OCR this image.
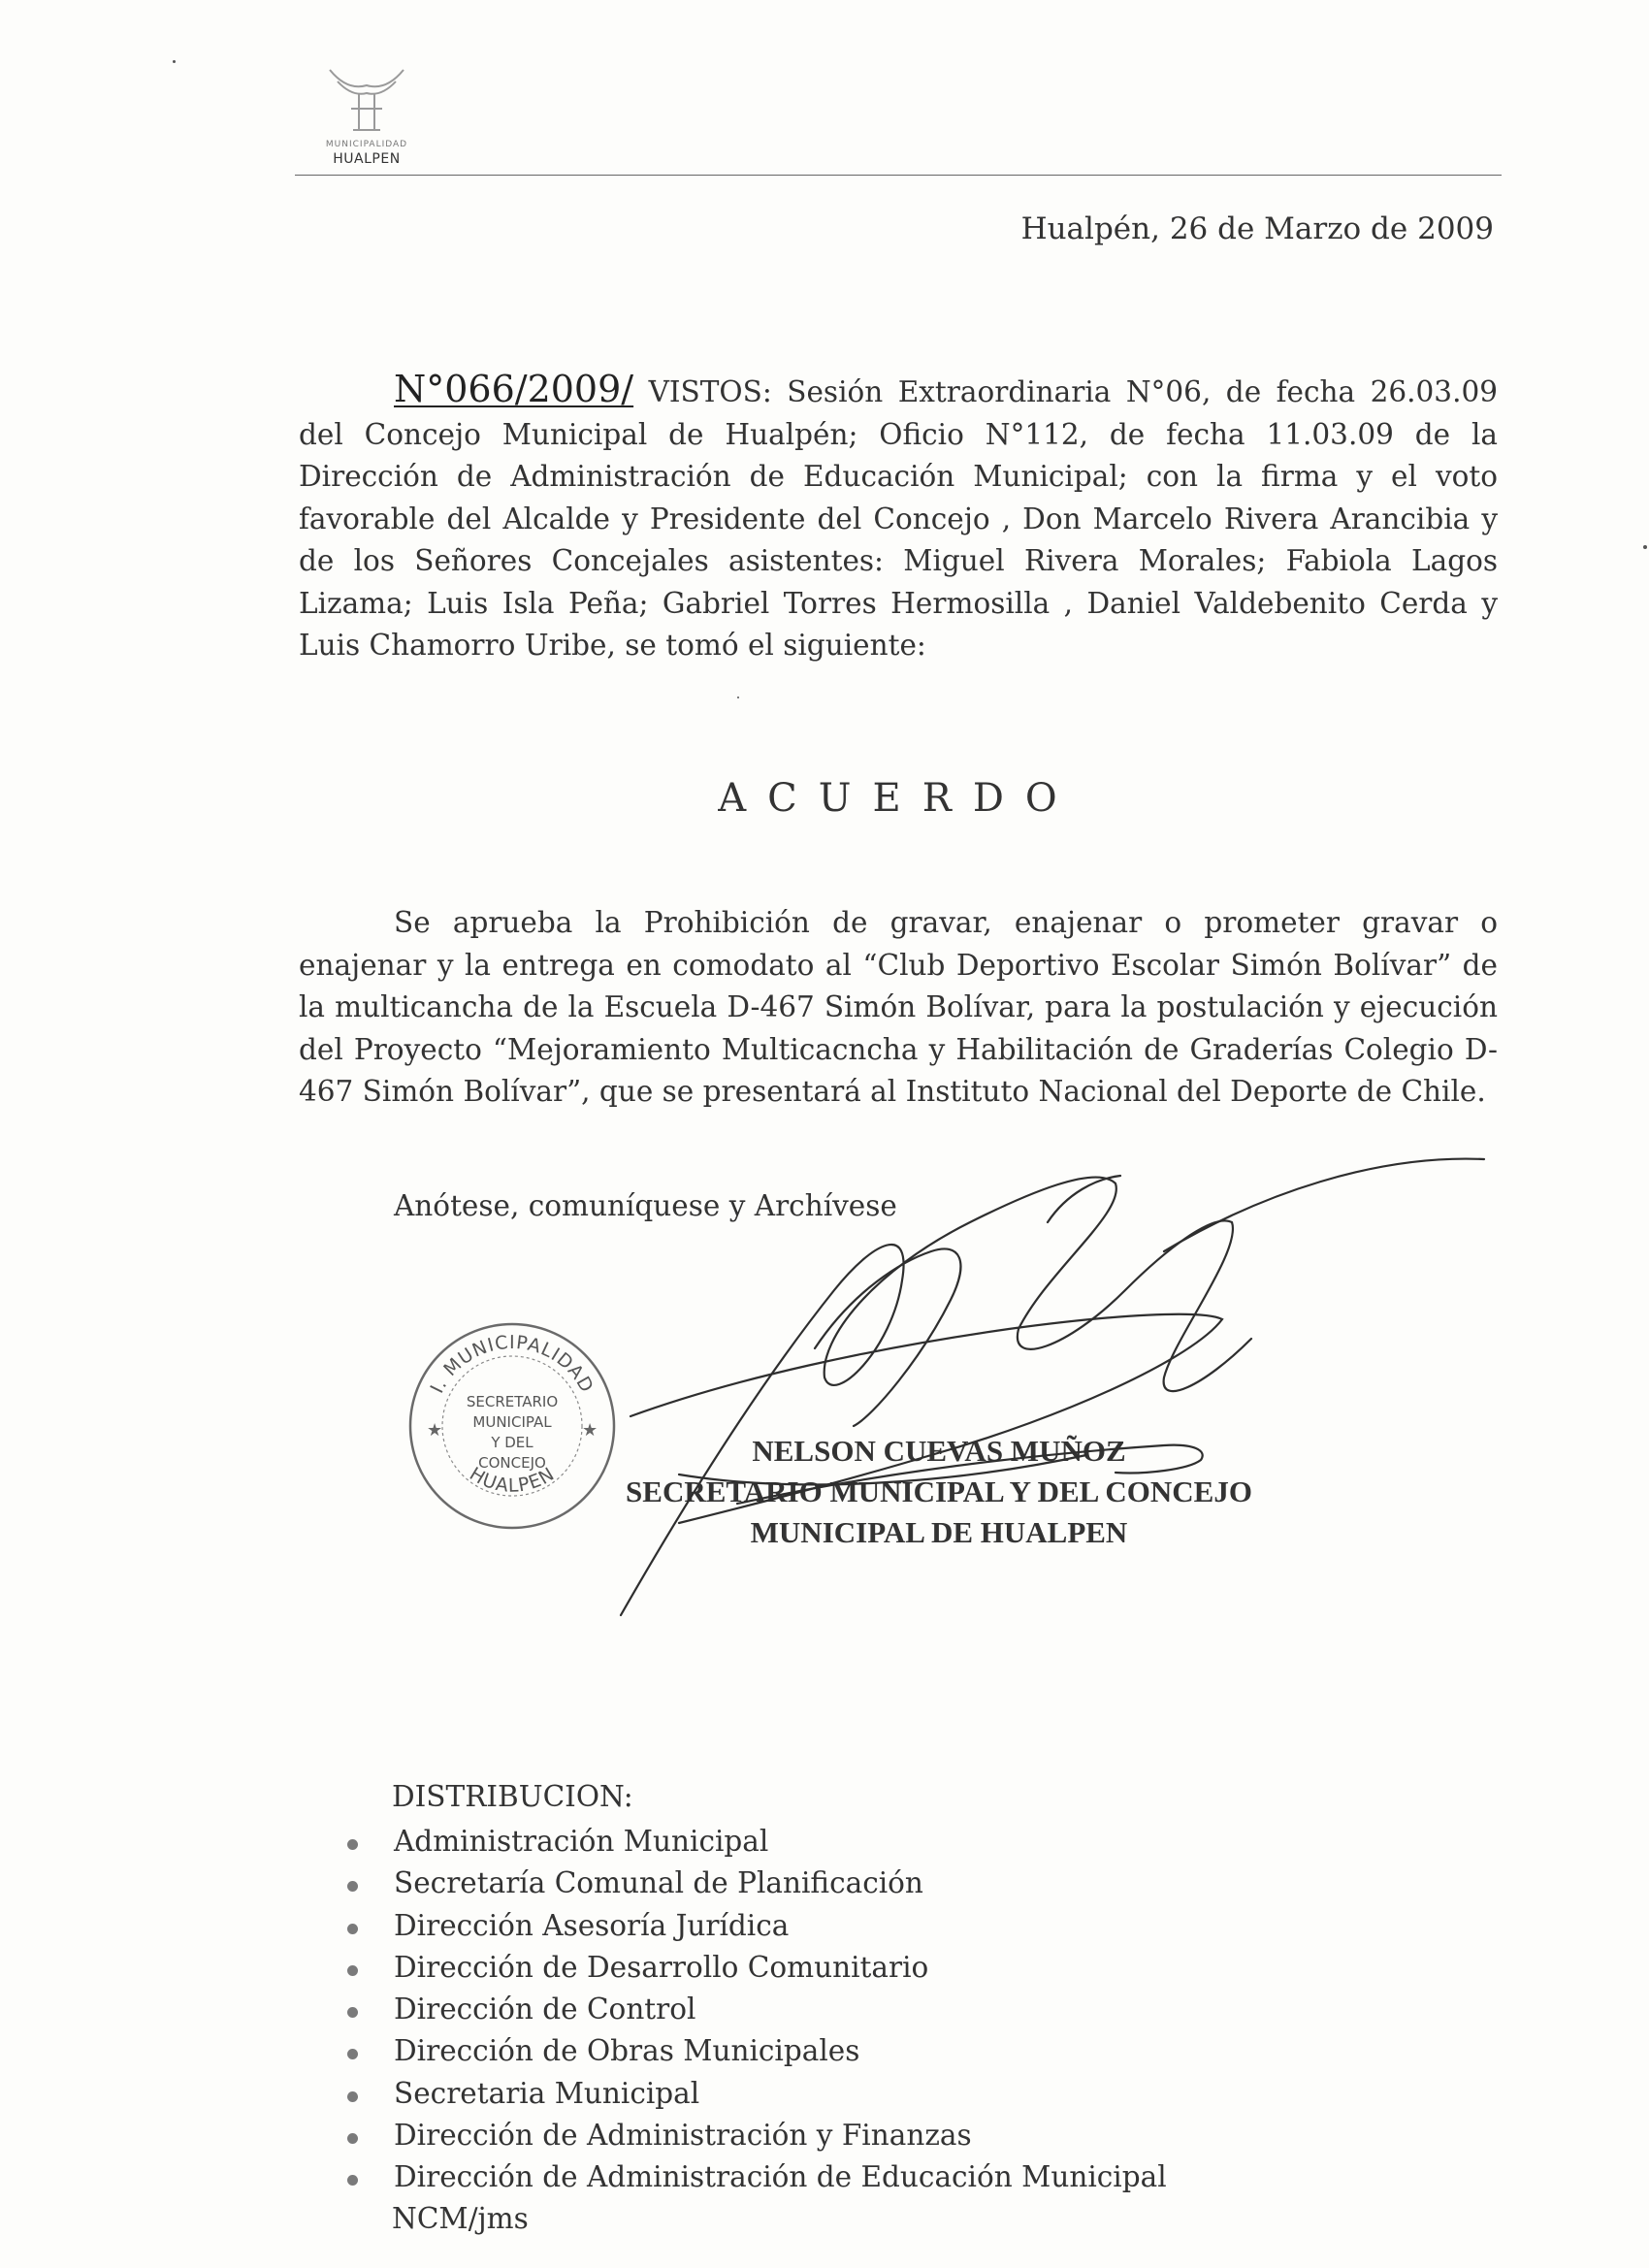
MUNICIPALIDAD
HUALPEN
Hualpén, 26 de Marzo de 2009
N°066/2009/ VISTOS: Sesión Extraordinaria N°06, de fecha 26.03.09 del Concejo Municipal de Hualpén; Oficio N°112, de fecha 11.03.09 de la Dirección de Administración de Educación Municipal; con la firma y el voto favorable del Alcalde y Presidente del Concejo , Don Marcelo Rivera Arancibia y de los Señores Concejales asistentes: Miguel Rivera Morales; Fabiola Lagos Lizama; Luis Isla Peña; Gabriel Torres Hermosilla , Daniel Valdebenito Cerda y Luis Chamorro Uribe, se tomó el siguiente:
ACUERDO
Se aprueba la Prohibición de gravar, enajenar o prometer gravar o enajenar y la entrega en comodato al “Club Deportivo Escolar Simón Bolívar” de la multicancha de la Escuela D-467 Simón Bolívar, para la postulación y ejecución del Proyecto “Mejoramiento Multicacncha y Habilitación de Graderías Colegio D-467 Simón Bolívar”, que se presentará al Instituto Nacional del Deporte de Chile.
Anótese, comuníquese y Archívese
I. MUNICIPALIDAD
HUALPEN
★	★
SECRETARIO
MUNICIPAL
Y DEL
CONCEJO	NELSON CUEVAS MUÑOZ
SECRETARIO MUNICIPAL Y DEL CONCEJO
MUNICIPAL DE HUALPEN
DISTRIBUCION:
Administración Municipal
Secretaría Comunal de Planificación
Dirección Asesoría Jurídica
Dirección de Desarrollo Comunitario
Dirección de Control
Dirección de Obras Municipales
Secretaria Municipal
Dirección de Administración y Finanzas
Dirección de Administración de Educación Municipal
NCM/jms
